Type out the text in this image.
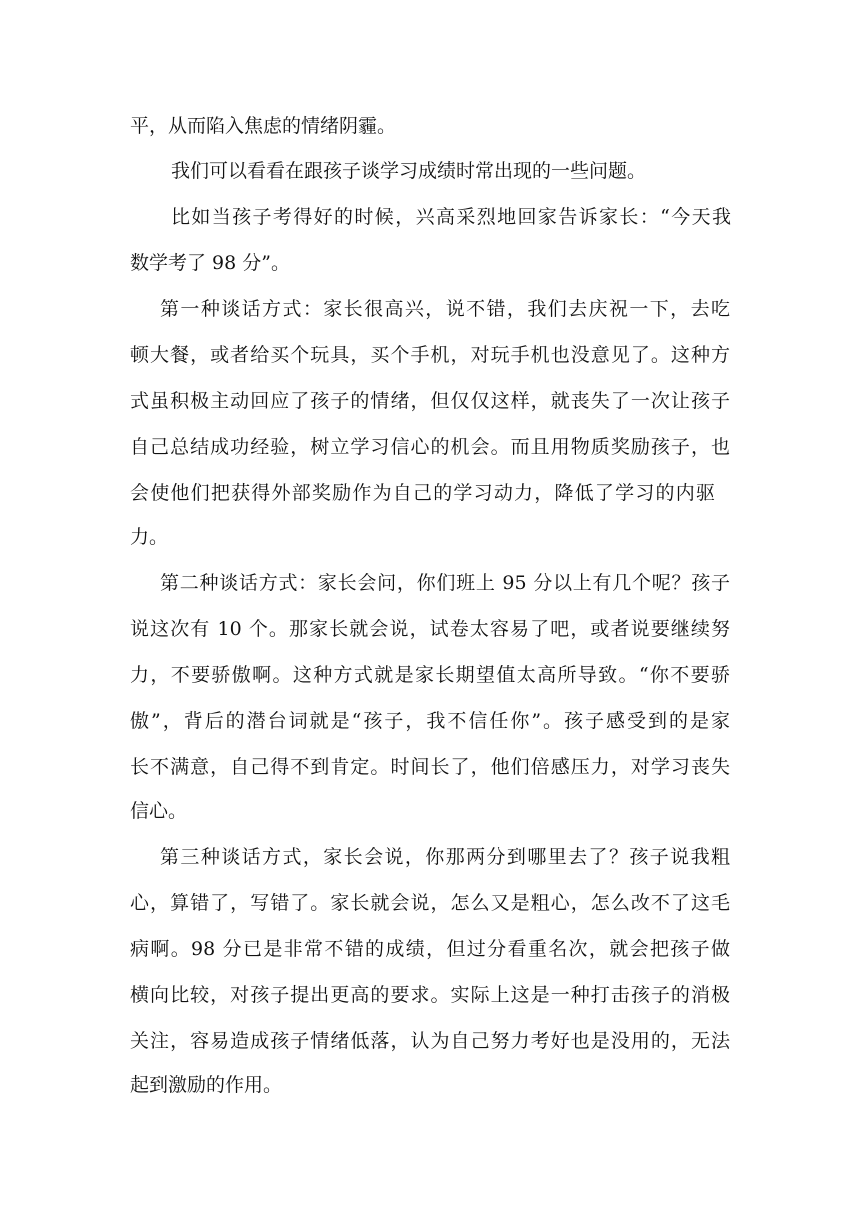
平，从而陷入焦虑的情绪阴霾。
我们可以看看在跟孩子谈学习成绩时常出现的一些问题。
比如当孩子考得好的时候，兴高采烈地回家告诉家长：“今天我
数学考了 98 分”。
第一种谈话方式：家长很高兴，说不错，我们去庆祝一下，去吃
顿大餐，或者给买个玩具，买个手机，对玩手机也没意见了。这种方
式虽积极主动回应了孩子的情绪，但仅仅这样，就丧失了一次让孩子
自己总结成功经验，树立学习信心的机会。而且用物质奖励孩子，也
会使他们把获得外部奖励作为自己的学习动力，降低了学习的内驱
力。
第二种谈话方式：家长会问，你们班上 95 分以上有几个呢？孩子
说这次有 10 个。那家长就会说，试卷太容易了吧，或者说要继续努
力，不要骄傲啊。这种方式就是家长期望值太高所导致。“你不要骄
傲”，背后的潜台词就是“孩子，我不信任你”。孩子感受到的是家
长不满意，自己得不到肯定。时间长了，他们倍感压力，对学习丧失
信心。
第三种谈话方式，家长会说，你那两分到哪里去了？孩子说我粗
心，算错了，写错了。家长就会说，怎么又是粗心，怎么改不了这毛
病啊。98 分已是非常不错的成绩，但过分看重名次，就会把孩子做
横向比较，对孩子提出更高的要求。实际上这是一种打击孩子的消极
关注，容易造成孩子情绪低落，认为自己努力考好也是没用的，无法
起到激励的作用。
